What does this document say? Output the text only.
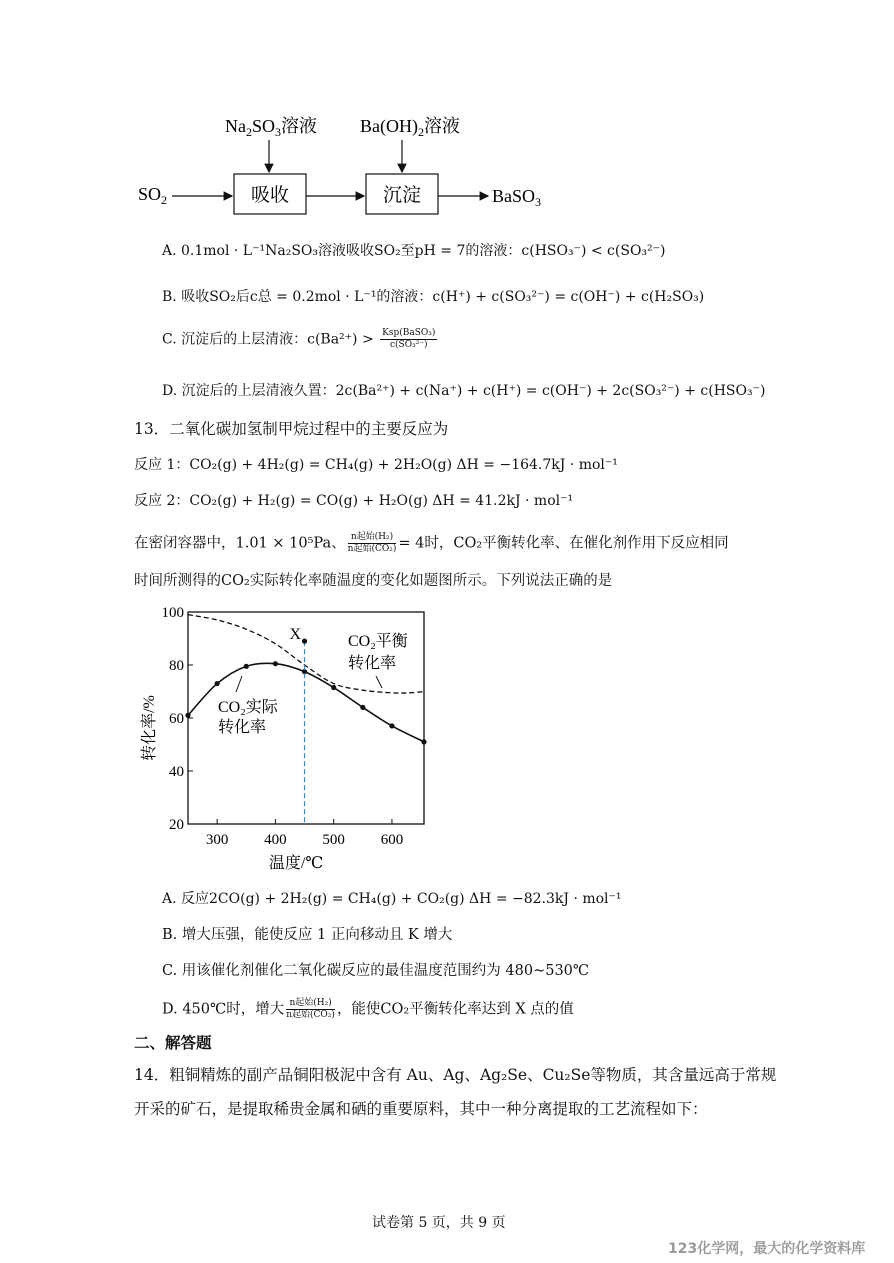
$Na_2SO_3$溶液 $Ba(OH)_2$溶液
$SO_2$	吸收	沉淀	BaSO$_3$
A. 0.1mol · L⁻¹Na₂SO₃溶液吸收SO₂至pH = 7的溶液：c(HSO₃⁻) < c(SO₃²⁻)
B. 吸收SO₂后c总 = 0.2mol · L⁻¹的溶液：c(H⁺) + c(SO₃²⁻) = c(OH⁻) + c(H₂SO₃)
C. 沉淀后的上层清液：$c(Ba^{2+}) > \frac{\text{Ksp(BaSO₃)}}{\text{c(SO₃²⁻)}}$
D. 沉淀后的上层清液久置：2c(Ba²⁺) + c(Na⁺) + c(H⁺) = c(OH⁻) + 2c(SO₃²⁻) + c(HSO₃⁻)
13．二氧化碳加氢制甲烷过程中的主要反应为
反应 1：CO₂(g) + 4H₂(g) = CH₄(g) + 2H₂O(g) ΔH = −164.7kJ · mol⁻¹
反应 2：CO₂(g) + H₂(g) = CO(g) + H₂O(g) ΔH = 41.2kJ · mol⁻¹
在密闭容器中，1.01 × 10⁵Pa、 $\frac{\text{n起始(H₂)}}{\text{n起始(CO₂)}} = 4$时，CO₂平衡转化率、在催化剂作用下反应相同
时间所测得的CO₂实际转化率随温度的变化如题图所示。下列说法正确的是
300 400 500 600
20
40
60
80
100
温度/℃
转化率/%
X	CO₂平衡
转化率
CO₂实际
转化率
A. 反应2CO(g) + 2H₂(g) = CH₄(g) + CO₂(g) ΔH = −82.3kJ · mol⁻¹
B. 增大压强，能使反应 1 正向移动且 K 增大
C. 用该催化剂催化二氧化碳反应的最佳温度范围约为 480~530℃
D. 450℃时，增大 $\frac{\text{n起始(H₂)}}{\text{n起始(CO₂)}}$ ，能使CO₂平衡转化率达到 X 点的值
二、解答题
14．粗铜精炼的副产品铜阳极泥中含有 Au、Ag、Ag₂Se、Cu₂Se等物质，其含量远高于常规
开采的矿石，是提取稀贵金属和硒的重要原料，其中一种分离提取的工艺流程如下：
试卷第 5 页，共 9 页
123化学网，最大的化学资料库
